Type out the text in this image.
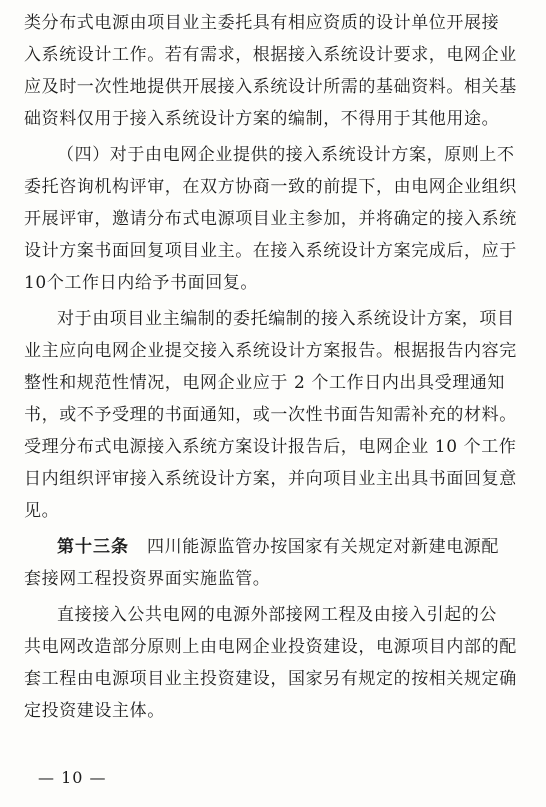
类分布式电源由项目业主委托具有相应资质的设计单位开展接
入系统设计工作。若有需求，根据接入系统设计要求，电网企业
应及时一次性地提供开展接入系统设计所需的基础资料。相关基
础资料仅用于接入系统设计方案的编制，不得用于其他用途。
（四）对于由电网企业提供的接入系统设计方案，原则上不
委托咨询机构评审，在双方协商一致的前提下，由电网企业组织
开展评审，邀请分布式电源项目业主参加，并将确定的接入系统
设计方案书面回复项目业主。在接入系统设计方案完成后，应于
10个工作日内给予书面回复。
对于由项目业主编制的委托编制的接入系统设计方案，项目
业主应向电网企业提交接入系统设计方案报告。根据报告内容完
整性和规范性情况，电网企业应于 2 个工作日内出具受理通知
书，或不予受理的书面通知，或一次性书面告知需补充的材料。
受理分布式电源接入系统方案设计报告后，电网企业 10 个工作
日内组织评审接入系统设计方案，并向项目业主出具书面回复意
见。
第十三条 四川能源监管办按国家有关规定对新建电源配
套接网工程投资界面实施监管。
直接接入公共电网的电源外部接网工程及由接入引起的公
共电网改造部分原则上由电网企业投资建设，电源项目内部的配
套工程由电源项目业主投资建设，国家另有规定的按相关规定确
定投资建设主体。
— 10 —
